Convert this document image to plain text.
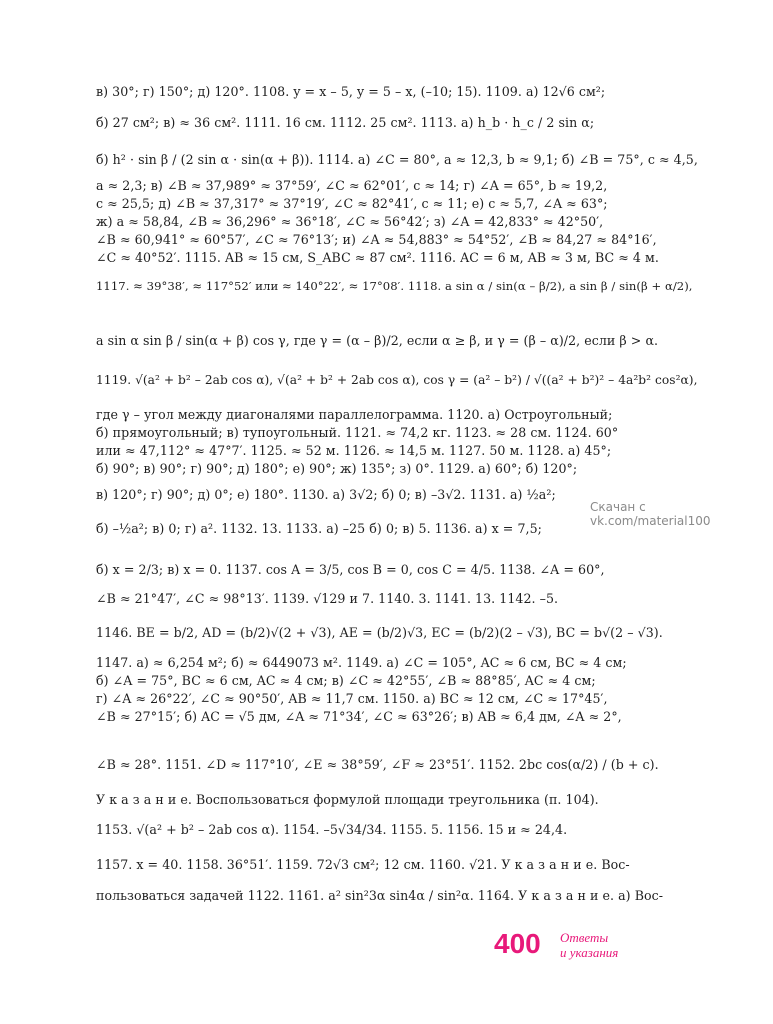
в) 30°; г) 150°; д) 120°. 1108. y = x – 5, y = 5 – x, (–10; 15). 1109. а) 12√6 см²;
б) 27 см²; в) ≈ 36 см². 1111. 16 см. 1112. 25 см². 1113. а) h_b · h_c / 2 sin α;
б) h² · sin β / (2 sin α · sin(α + β)). 1114. а) ∠C = 80°, a ≈ 12,3, b ≈ 9,1; б) ∠B = 75°, c ≈ 4,5,
a ≈ 2,3; в) ∠B ≈ 37,989° ≈ 37°59′, ∠C ≈ 62°01′, c ≈ 14; г) ∠A = 65°, b ≈ 19,2,
c ≈ 25,5; д) ∠B ≈ 37,317° ≈ 37°19′, ∠C ≈ 82°41′, c ≈ 11; е) c ≈ 5,7, ∠A ≈ 63°;
ж) a ≈ 58,84, ∠B ≈ 36,296° ≈ 36°18′, ∠C ≈ 56°42′; з) ∠A = 42,833° ≈ 42°50′,
∠B ≈ 60,941° ≈ 60°57′, ∠C ≈ 76°13′; и) ∠A ≈ 54,883° ≈ 54°52′, ∠B ≈ 84,27 ≈ 84°16′,
∠C ≈ 40°52′. 1115. AB ≈ 15 см, S_ABC ≈ 87 см². 1116. AC = 6 м, AB ≈ 3 м, BC ≈ 4 м.
1117. ≈ 39°38′, ≈ 117°52′ или ≈ 140°22′, ≈ 17°08′. 1118. a sin α / sin(α – β/2), a sin β / sin(β + α/2),
a sin α sin β / sin(α + β) cos γ, где γ = (α – β)/2, если α ≥ β, и γ = (β – α)/2, если β > α.
1119. √(a² + b² – 2ab cos α), √(a² + b² + 2ab cos α), cos γ = (a² – b²) / √((a² + b²)² – 4a²b² cos²α),
где γ – угол между диагоналями параллелограмма. 1120. а) Остроугольный;
б) прямоугольный; в) тупоугольный. 1121. ≈ 74,2 кг. 1123. ≈ 28 см. 1124. 60°
или ≈ 47,112° ≈ 47°7′. 1125. ≈ 52 м. 1126. ≈ 14,5 м. 1127. 50 м. 1128. а) 45°;
б) 90°; в) 90°; г) 90°; д) 180°; е) 90°; ж) 135°; з) 0°. 1129. а) 60°; б) 120°;
в) 120°; г) 90°; д) 0°; е) 180°. 1130. а) 3√2; б) 0; в) –3√2. 1131. а) ½a²;
б) –½a²; в) 0; г) a². 1132. 13. 1133. а) –25 б) 0; в) 5. 1136. а) x = 7,5;
б) x = 2/3; в) x = 0. 1137. cos A = 3/5, cos B = 0, cos C = 4/5. 1138. ∠A = 60°,
∠B ≈ 21°47′, ∠C ≈ 98°13′. 1139. √129 и 7. 1140. 3. 1141. 13. 1142. –5.
1146. BE = b/2, AD = (b/2)√(2 + √3), AE = (b/2)√3, EC = (b/2)(2 – √3), BC = b√(2 – √3).
1147. а) ≈ 6,254 м²; б) ≈ 6449073 м². 1149. а) ∠C = 105°, AC ≈ 6 см, BC ≈ 4 см;
б) ∠A = 75°, BC ≈ 6 см, AC ≈ 4 см; в) ∠C ≈ 42°55′, ∠B ≈ 88°85′, AC ≈ 4 см;
г) ∠A ≈ 26°22′, ∠C ≈ 90°50′, AB ≈ 11,7 см. 1150. а) BC ≈ 12 см, ∠C ≈ 17°45′,
∠B ≈ 27°15′; б) AC = √5 дм, ∠A ≈ 71°34′, ∠C ≈ 63°26′; в) AB ≈ 6,4 дм, ∠A ≈ 2°,
∠B ≈ 28°. 1151. ∠D ≈ 117°10′, ∠E ≈ 38°59′, ∠F ≈ 23°51′. 1152. 2bc cos(α/2) / (b + c).
У к а з а н и е. Воспользоваться формулой площади треугольника (п. 104).
1153. √(a² + b² – 2ab cos α). 1154. –5√34/34. 1155. 5. 1156. 15 и ≈ 24,4.
1157. x = 40. 1158. 36°51′. 1159. 72√3 см²; 12 см. 1160. √21. У к а з а н и е. Вос-
пользоваться задачей 1122. 1161. a² sin²3α sin4α / sin²α. 1164. У к а з а н и е. а) Вос-
Скачан с vk.com/material100
400 Ответы
и указания
